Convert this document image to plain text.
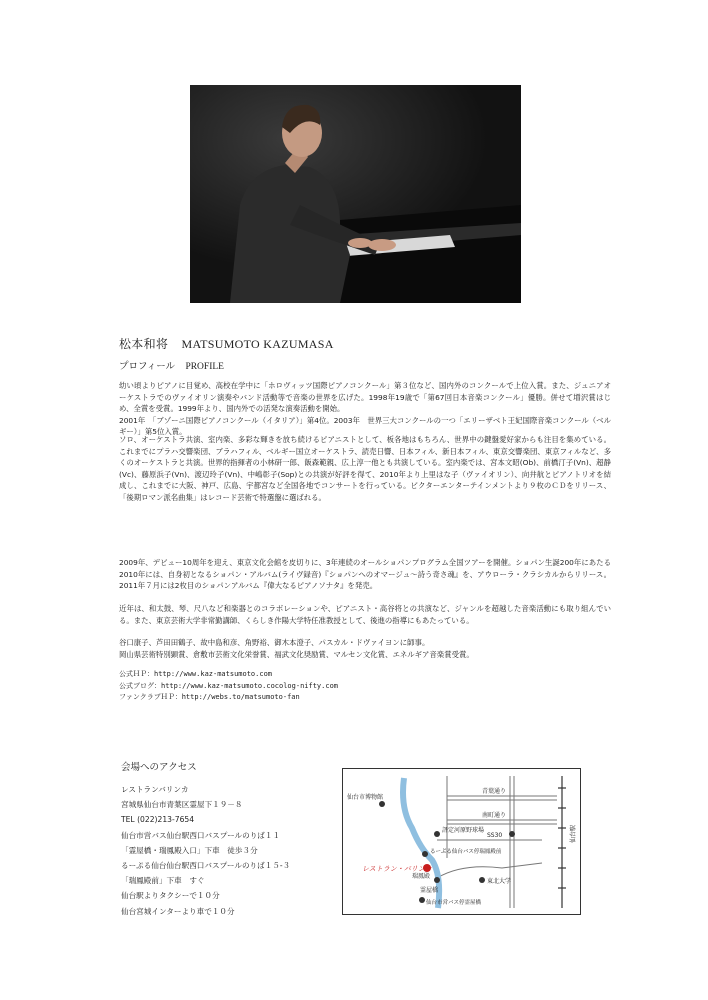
松本和将 MATSUMOTO KAZUMASA
プロフィール PROFILE
幼い頃よりピアノに目覚め、高校在学中に「ホロヴィッツ国際ピアノコンクール」第３位など、国内外のコンクールで上位入賞。また、ジュニアオーケストラでのヴァイオリン演奏やバンド活動等で音楽の世界を広げた。1998年19歳で「第67回日本音楽コンクール」優勝。併せて増沢賞はじめ、全賞を受賞。1999年より、国内外での活発な演奏活動を開始。
2001年　「ブゾーニ国際ピアノコンクール（イタリア）」第4位。2003年　世界三大コンクールの一つ「エリーザベト王妃国際音楽コンクール（ベルギー）」第5位入賞。
ソロ、オーケストラ共演、室内楽、多彩な輝きを放ち続けるピアニストとして、板各地はもちろん、世界中の鍵盤愛好家からも注目を集めている。これまでにプラハ交響楽団、ブラハフィル、ベルギー国立オーケストラ、読売日響、日本フィル、新日本フィル、東京交響楽団、東京フィルなど、多くのオーケストラと共演。世界的指揮者の小林研一郎、飯森範親、広上淳一他とも共演している。室内楽では、宮本文昭(Ob)、前橋汀子(Vn)、超静(Vc)、藤原浜子(Vn)、渡辺玲子(Vn)、中嶋彰子(Sop)との共演が好評を得て、2010年より上里はな子（ヴァイオリン）、向井航とピアノトリオを結成し、これまでに大阪、神戸、広島、宇都宮など全国各地でコンサートを行っている。ビクターエンターテインメントより９枚のＣＤをリリース、「後期ロマン派名曲集」はレコード芸術で特選盤に選ばれる。
2009年、デビュー10周年を迎え、東京文化会館を皮切りに、3年連続のオールショパンプログラム全国ツアーを開催。ショパン生誕200年にあたる2010年には、自身初となるショパン・アルバム(ライヴ録音)『ショパンへのオマージュ～詩う奇さ魂』を、アウローラ・クラシカルからリリース。2011年７月には2枚目のショパンアルバム『偉大なるピアノソナタ』を発売。
近年は、和太鼓、琴、尺八など和楽器とのコラボレーションや、ピアニスト・高谷将との共演など、ジャンルを超越した音楽活動にも取り組んでいる。また、東京芸術大学非常勤講師、くらしき作陽大学特任准教授として、後進の指導にもあたっている。
谷口康子、芦田田鶴子、故中島和彦、角野裕、御木本澄子、パスカル・ドヴァイヨンに師事。
岡山県芸術特別顕賞、倉敷市芸術文化栄誉賞、福武文化奨励賞、マルセン文化賞、エネルギア音楽賞受賞。
公式ＨＰ：http://www.kaz-matsumoto.com
公式ブログ：http://www.kaz-matsumoto.cocolog-nifty.com
ファンクラブＨＰ：http://webs.to/matsumoto-fan
会場へのアクセス
レストランバリンカ
宮城県仙台市青葉区霊屋下１９－８
TEL (022)213-7654
仙台市営バス仙台駅西口バスプールのりば１１
「霊屋橋・瑞鳳殿入口」下車　徒歩３分
るーぷる仙台仙台駅西口バスプールのりば１５-３
「瑞鳳殿前」下車　すぐ
仙台駅よりタクシーで１０分
仙台宮城インターより車で１０分
青葉通り
南町通り
仙台市博物館
評定河原野球場
SS30	仙台駅
るーぷる仙台バス停瑞鳳殿前
レストラン・バリンカ
瑞鳳殿
霊屋橋
東北大学
仙台市営バス停霊屋橋
